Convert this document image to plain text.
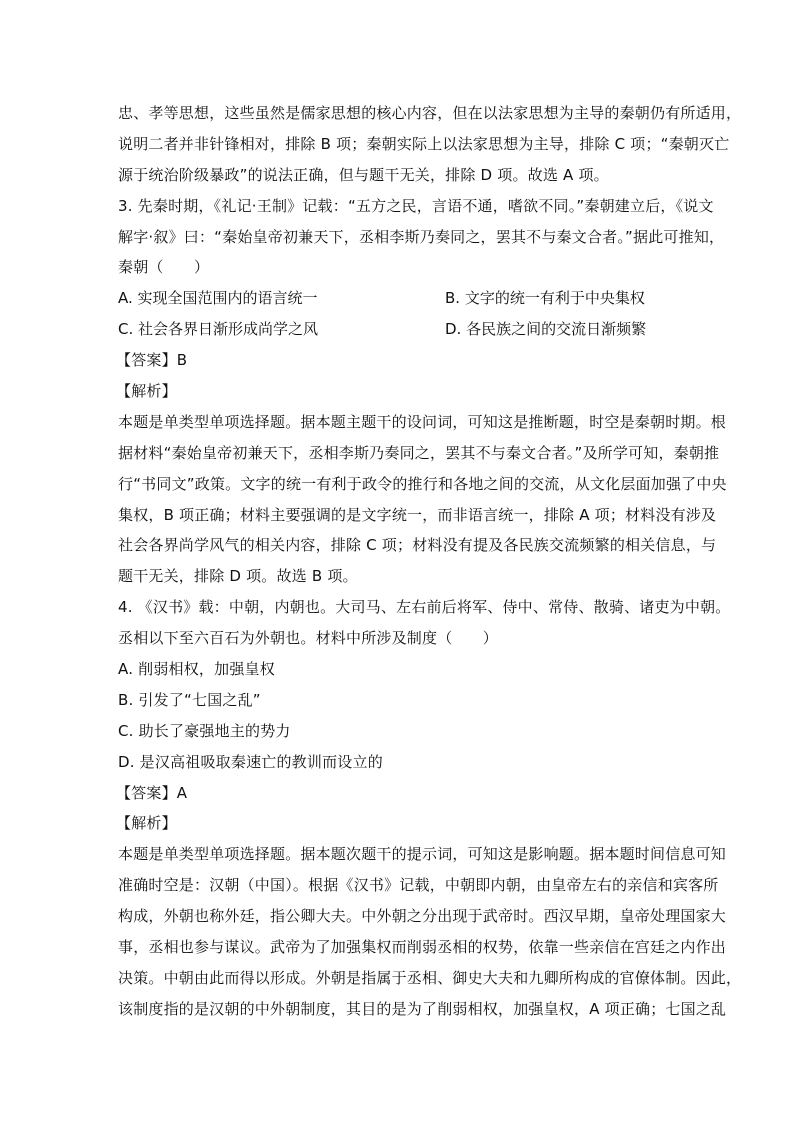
忠、孝等思想，这些虽然是儒家思想的核心内容，但在以法家思想为主导的秦朝仍有所适用，
说明二者并非针锋相对，排除 B 项；秦朝实际上以法家思想为主导，排除 C 项；“秦朝灭亡
源于统治阶级暴政”的说法正确，但与题干无关，排除 D 项。故选 A 项。
3. 先秦时期，《礼记·王制》记载：“五方之民，言语不通，嗜欲不同。”秦朝建立后，《说文
解字·叙》曰：“秦始皇帝初兼天下，丞相李斯乃奏同之，罢其不与秦文合者。”据此可推知，
秦朝（　　）
A. 实现全国范围内的语言统一	B. 文字的统一有利于中央集权
C. 社会各界日渐形成尚学之风	D. 各民族之间的交流日渐频繁
【答案】B
【解析】
本题是单类型单项选择题。据本题主题干的设问词，可知这是推断题，时空是秦朝时期。根
据材料“秦始皇帝初兼天下，丞相李斯乃奏同之，罢其不与秦文合者。”及所学可知，秦朝推
行“书同文”政策。文字的统一有利于政令的推行和各地之间的交流，从文化层面加强了中央
集权，B 项正确；材料主要强调的是文字统一，而非语言统一，排除 A 项；材料没有涉及
社会各界尚学风气的相关内容，排除 C 项；材料没有提及各民族交流频繁的相关信息，与
题干无关，排除 D 项。故选 B 项。
4. 《汉书》载：中朝，内朝也。大司马、左右前后将军、侍中、常侍、散骑、诸吏为中朝。
丞相以下至六百石为外朝也。材料中所涉及制度（　　）
A. 削弱相权，加强皇权
B. 引发了“七国之乱”
C. 助长了豪强地主的势力
D. 是汉高祖吸取秦速亡的教训而设立的
【答案】A
【解析】
本题是单类型单项选择题。据本题次题干的提示词，可知这是影响题。据本题时间信息可知
准确时空是：汉朝（中国）。根据《汉书》记载，中朝即内朝，由皇帝左右的亲信和宾客所
构成，外朝也称外廷，指公卿大夫。中外朝之分出现于武帝时。西汉早期，皇帝处理国家大
事，丞相也参与谋议。武帝为了加强集权而削弱丞相的权势，依靠一些亲信在宫廷之内作出
决策。中朝由此而得以形成。外朝是指属于丞相、御史大夫和九卿所构成的官僚体制。因此，
该制度指的是汉朝的中外朝制度，其目的是为了削弱相权，加强皇权，A 项正确；七国之乱
